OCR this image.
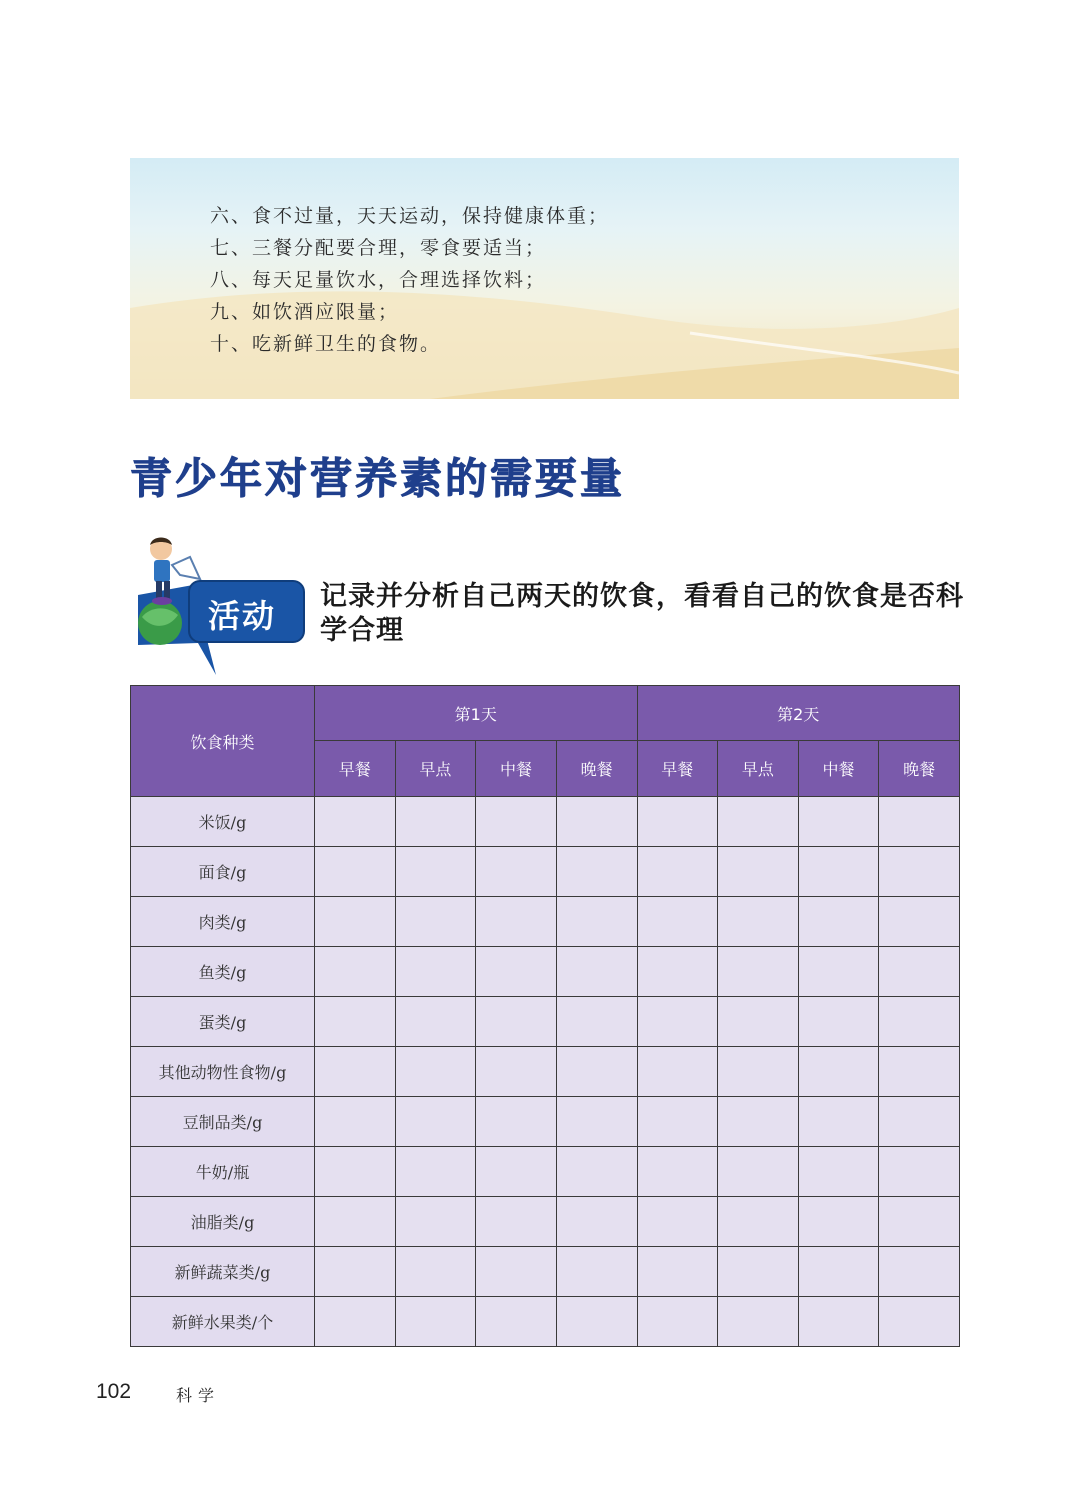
六、食不过量，天天运动，保持健康体重；
七、三餐分配要合理，零食要适当；
八、每天足量饮水，合理选择饮料；
九、如饮酒应限量；
十、吃新鲜卫生的食物。
青少年对营养素的需要量
活动
记录并分析自己两天的饮食，看看自己的饮食是否科学合理
饮食种类	第1天				第2天			
	早餐	早点	中餐	晚餐	早餐	早点	中餐	晚餐
米饭/g								
面食/g								
肉类/g								
鱼类/g								
蛋类/g								
其他动物性食物/g								
豆制品类/g								
牛奶/瓶								
油脂类/g								
新鲜蔬菜类/g								
新鲜水果类/个								
102	科学
